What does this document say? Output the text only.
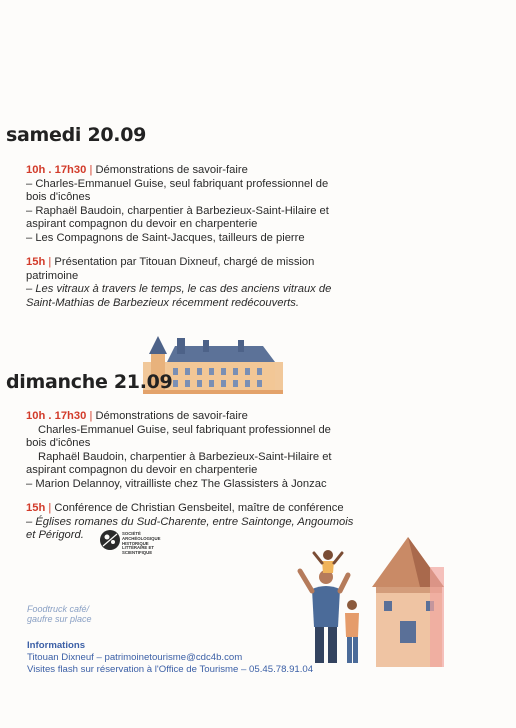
samedi 20.09
10h . 17h30 | Démonstrations de savoir-faire
– Charles-Emmanuel Guise, seul fabriquant professionnel de
bois d'icônes
– Raphaël Baudoin, charpentier à Barbezieux-Saint-Hilaire et
aspirant compagnon du devoir en charpenterie
– Les Compagnons de Saint-Jacques, tailleurs de pierre
15h | Présentation par Titouan Dixneuf, chargé de mission
patrimoine
– Les vitraux à travers le temps, le cas des anciens vitraux de
Saint-Mathias de Barbezieux récemment redécouverts.
dimanche 21.09
10h . 17h30 | Démonstrations de savoir-faire
Charles-Emmanuel Guise, seul fabriquant professionnel de
bois d'icônes
Raphaël Baudoin, charpentier à Barbezieux-Saint-Hilaire et
aspirant compagnon du devoir en charpenterie
– Marion Delannoy, vitrailliste chez The Glassisters à Jonzac
15h | Conférence de Christian Gensbeitel, maître de conférence
– Églises romanes du Sud-Charente, entre Saintonge, Angoumois
et Périgord.	SOCIÉTÉ ARCHÉOLOGIQUE HISTORIQUE LITTÉRAIRE ET SCIENTIFIQUE
Foodtruck café/
gaufre sur place
Informations
Titouan Dixneuf – patrimoinetourisme@cdc4b.com
Visites flash sur réservation à l'Office de Tourisme – 05.45.78.91.04
